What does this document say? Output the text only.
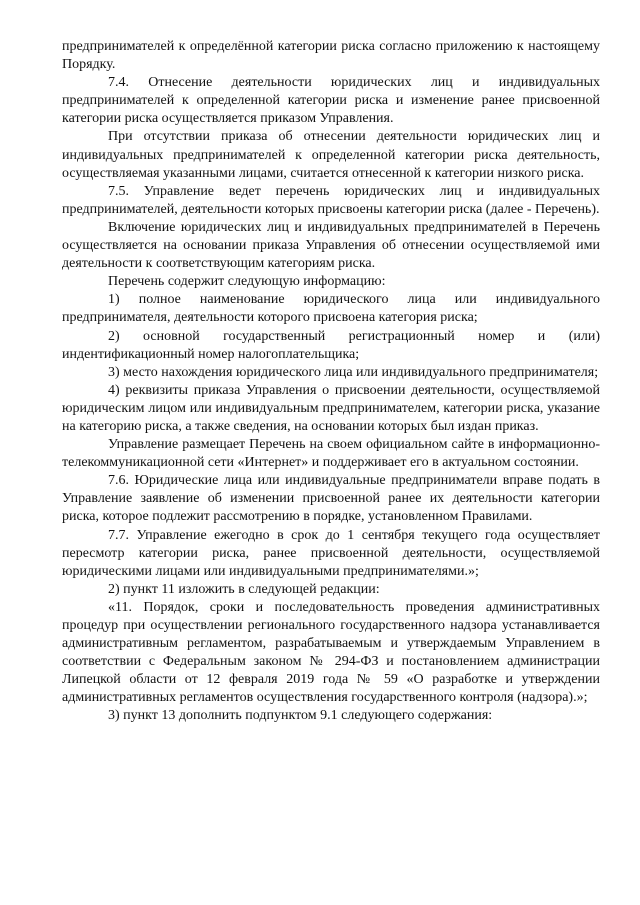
предпринимателей к определённой категории риска согласно приложению к настоящему Порядку.

7.4. Отнесение деятельности юридических лиц и индивидуальных предпринимателей к определенной категории риска и изменение ранее присвоенной категории риска осуществляется приказом Управления.

При отсутствии приказа об отнесении деятельности юридических лиц и индивидуальных предпринимателей к определенной категории риска деятельность, осуществляемая указанными лицами, считается отнесенной к категории низкого риска.

7.5. Управление ведет перечень юридических лиц и индивидуальных предпринимателей, деятельности которых присвоены категории риска (далее - Перечень).

Включение юридических лиц и индивидуальных предпринимателей в Перечень осуществляется на основании приказа Управления об отнесении осуществляемой ими деятельности к соответствующим категориям риска.

Перечень содержит следующую информацию:

1) полное наименование юридического лица или индивидуального предпринимателя, деятельности которого присвоена категория риска;

2) основной государственный регистрационный номер и (или) индентификационный номер налогоплательщика;

3) место нахождения юридического лица или индивидуального предпринимателя;

4) реквизиты приказа Управления о присвоении деятельности, осуществляемой юридическим лицом или индивидуальным предпринимателем, категории риска, указание на категорию риска, а также сведения, на основании которых был издан приказ.

Управление размещает Перечень на своем официальном сайте в информационно-телекоммуникационной сети «Интернет» и поддерживает его в актуальном состоянии.

7.6. Юридические лица или индивидуальные предприниматели вправе подать в Управление заявление об изменении присвоенной ранее их деятельности категории риска, которое подлежит рассмотрению в порядке, установленном Правилами.

7.7. Управление ежегодно в срок до 1 сентября текущего года осуществляет пересмотр категории риска, ранее присвоенной деятельности, осуществляемой юридическими лицами или индивидуальными предпринимателями.»;

2) пункт 11 изложить в следующей редакции:

«11. Порядок, сроки и последовательность проведения административных процедур при осуществлении регионального государственного надзора устанавливается административным регламентом, разрабатываемым и утверждаемым Управлением в соответствии с Федеральным законом № 294-ФЗ и постановлением администрации Липецкой области от 12 февраля 2019 года № 59 «О разработке и утверждении административных регламентов осуществления государственного контроля (надзора).»;

3) пункт 13 дополнить подпунктом 9.1 следующего содержания:
